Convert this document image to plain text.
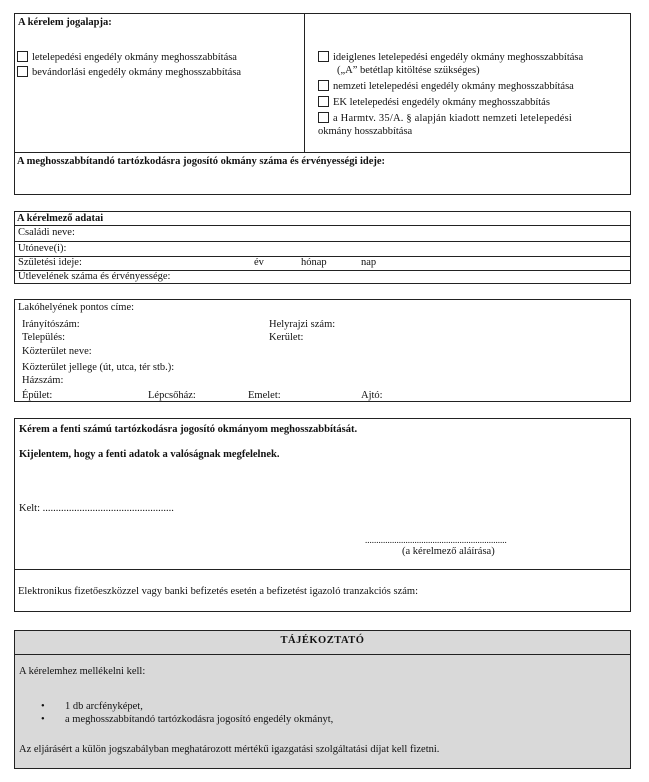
A kérelem jogalapja:
letelepedési engedély okmány meghosszabbítása
bevándorlási engedély okmány meghosszabbítása
ideiglenes letelepedési engedély okmány meghosszabbítása
(„A” betétlap kitöltése szükséges)
nemzeti letelepedési engedély okmány meghosszabbítása
EK letelepedési engedély okmány meghosszabbítás
a Harmtv. 35/A. § alapján kiadott nemzeti letelepedési
okmány hosszabbítása
A meghosszabbítandó tartózkodásra jogosító okmány száma és érvényességi ideje:
A kérelmező adatai
Családi neve:
Utóneve(i):
Születési ideje:	év	hónap	nap
Útlevelének száma és érvényessége:
Lakóhelyének pontos címe:
Irányítószám:	Helyrajzi szám:
Település:	Kerület:
Közterület neve:
Közterület jellege (út, utca, tér stb.):
Házszám:
Épület:	Lépcsőház:	Emelet:	Ajtó:
Kérem a fenti számú tartózkodásra jogosító okmányom meghosszabbítását.
Kijelentem, hogy a fenti adatok a valóságnak megfelelnek.
Kelt: ..................................................
...............................................................
(a kérelmező aláírása)
Elektronikus fizetőeszközzel vagy banki befizetés esetén a befizetést igazoló tranzakciós szám:
TÁJÉKOZTATÓ
A kérelemhez mellékelni kell:
• 1 db arcfényképet,
• a meghosszabbítandó tartózkodásra jogosító engedély okmányt,
Az eljárásért a külön jogszabályban meghatározott mértékű igazgatási szolgáltatási díjat kell fizetni.
